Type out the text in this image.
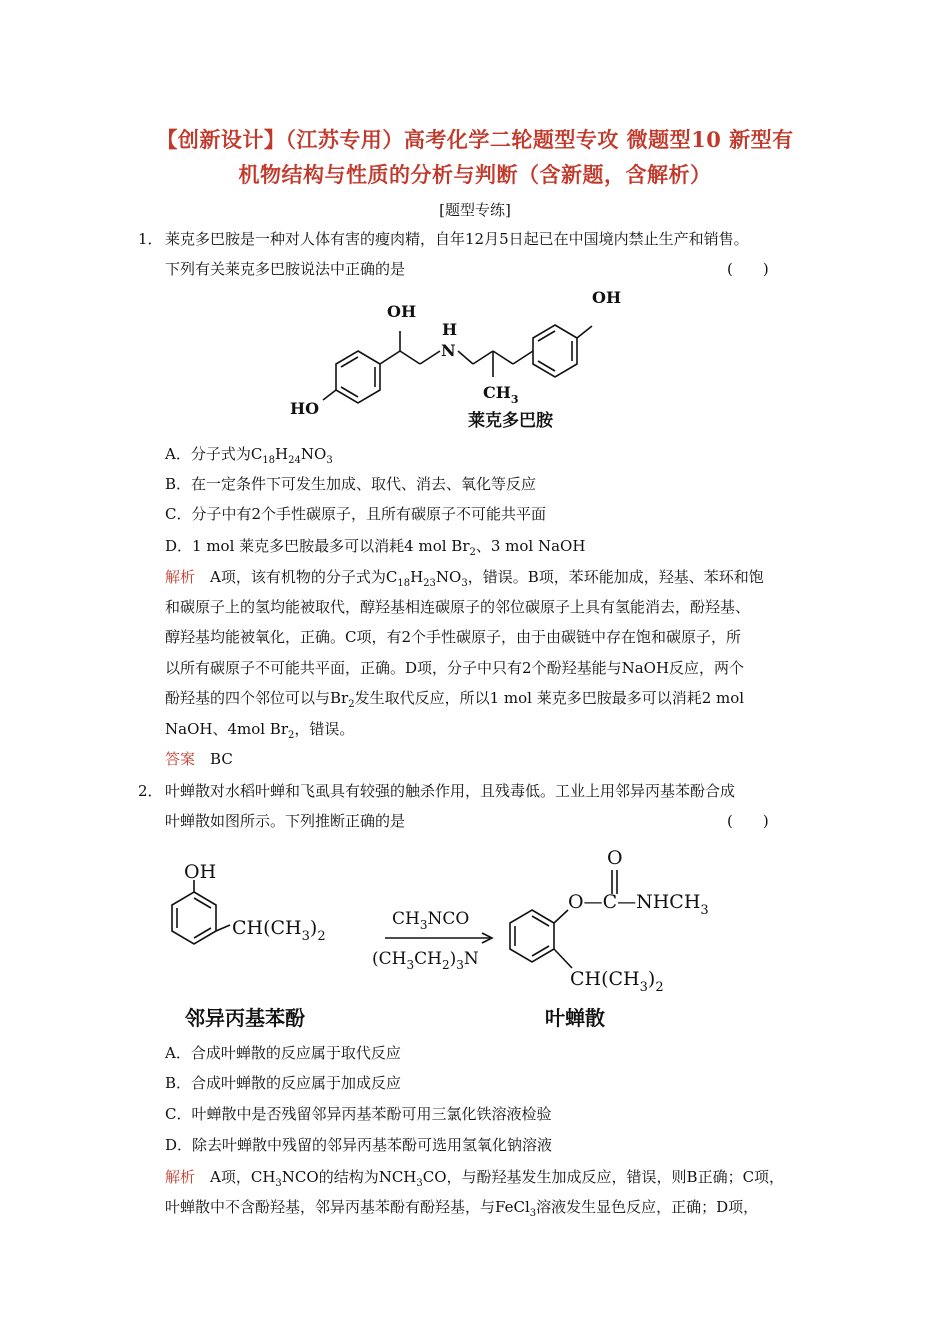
【创新设计】（江苏专用）高考化学二轮题型专攻 微题型10 新型有
机物结构与性质的分析与判断（含新题，含解析）
[题型专练]
1． 莱克多巴胺是一种对人体有害的瘦肉精，自年12月5日起已在中国境内禁止生产和销售。
下列有关莱克多巴胺说法中正确的是	(　　)
OH
OH
HO
H
N
$CH_3$
莱克多巴胺
A．分子式为$C_{18}H_{24}NO_3$
B．在一定条件下可发生加成、取代、消去、氧化等反应
C．分子中有2个手性碳原子，且所有碳原子不可能共平面
D．1 mol 莱克多巴胺最多可以消耗4 mol $Br_2$、3 mol NaOH
解析　A项，该有机物的分子式为$C_{18}H_{23}NO_3$，错误。B项，苯环能加成，羟基、苯环和饱
和碳原子上的氢均能被取代，醇羟基相连碳原子的邻位碳原子上具有氢能消去，酚羟基、
醇羟基均能被氧化，正确。C项，有2个手性碳原子，由于由碳链中存在饱和碳原子，所
以所有碳原子不可能共平面，正确。D项，分子中只有2个酚羟基能与NaOH反应，两个
酚羟基的四个邻位可以与$Br_2$发生取代反应，所以1 mol 莱克多巴胺最多可以消耗2 mol
NaOH、4mol $Br_2$，错误。
答案　BC
2． 叶蝉散对水稻叶蝉和飞虱具有较强的触杀作用，且残毒低。工业上用邻异丙基苯酚合成
叶蝉散如图所示。下列推断正确的是	(　　)
OH
$CH(CH_3)_2$
$CH_3NCO$
$(CH_3CH_2)_3N$
O
$O—C—NHCH_3$
$CH(CH_3)_2$
邻异丙基苯酚	叶蝉散
A．合成叶蝉散的反应属于取代反应
B．合成叶蝉散的反应属于加成反应
C．叶蝉散中是否残留邻异丙基苯酚可用三氯化铁溶液检验
D．除去叶蝉散中残留的邻异丙基苯酚可选用氢氧化钠溶液
解析　A项，$CH_3NCO$的结构为$NCH_3CO$，与酚羟基发生加成反应，错误，则B正确；C项，
叶蝉散中不含酚羟基，邻异丙基苯酚有酚羟基，与FeCl$_3$溶液发生显色反应，正确；D项，
